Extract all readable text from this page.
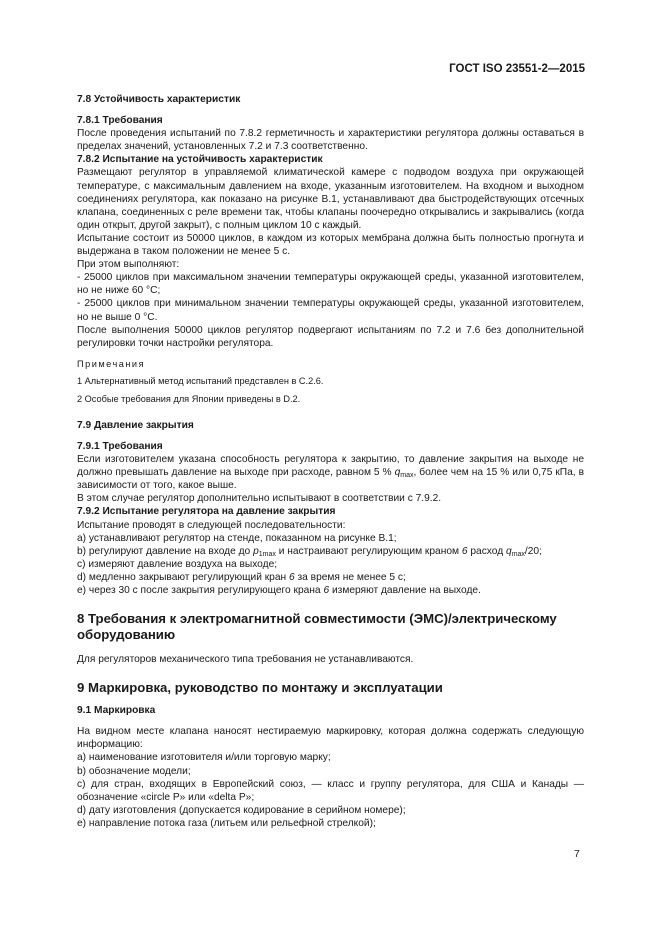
ГОСТ ISO 23551-2—2015

7.8 Устойчивость характеристик

7.8.1 Требования

После проведения испытаний по 7.8.2 герметичность и характеристики регулятора должны оставаться в пределах значений, установленных 7.2 и 7.3 соответственно.

7.8.2 Испытание на устойчивость характеристик

Размещают регулятор в управляемой климатической камере с подводом воздуха при окружающей температуре, с максимальным давлением на входе, указанным изготовителем. На входном и выходном соединениях регулятора, как показано на рисунке В.1, устанавливают два быстродействующих отсечных клапана, соединенных с реле времени так, чтобы клапаны поочередно открывались и закрывались (когда один открыт, другой закрыт), с полным циклом 10 с каждый.

Испытание состоит из 50000 циклов, в каждом из которых мембрана должна быть полностью прогнута и выдержана в таком положении не менее 5 с.

При этом выполняют:

- 25000 циклов при максимальном значении температуры окружающей среды, указанной изготовителем, но не ниже 60 °C;

- 25000 циклов при минимальном значении температуры окружающей среды, указанной изготовителем, но не выше 0 °C.

После выполнения 50000 циклов регулятор подвергают испытаниям по 7.2 и 7.6 без дополнительной регулировки точки настройки регулятора.

Примечания

1 Альтернативный метод испытаний представлен в С.2.6.

2 Особые требования для Японии приведены в D.2.

7.9 Давление закрытия

7.9.1 Требования

Если изготовителем указана способность регулятора к закрытию, то давление закрытия на выходе не должно превышать давление на выходе при расходе, равном 5 % $q_{max}$, более чем на 15 % или 0,75 кПа, в зависимости от того, какое выше.

В этом случае регулятор дополнительно испытывают в соответствии с 7.9.2.

7.9.2 Испытание регулятора на давление закрытия

Испытание проводят в следующей последовательности:

a) устанавливают регулятор на стенде, показанном на рисунке В.1;

b) регулируют давление на входе до $p_{1max}$ и настраивают регулирующим краном 6 расход $q_{max}/20$;

c) измеряют давление воздуха на выходе;

d) медленно закрывают регулирующий кран 6 за время не менее 5 с;

e) через 30 с после закрытия регулирующего крана 6 измеряют давление на выходе.

8 Требования к электромагнитной совместимости (ЭМС)/электрическому оборудованию

Для регуляторов механического типа требования не устанавливаются.

9 Маркировка, руководство по монтажу и эксплуатации

9.1 Маркировка

На видном месте клапана наносят нестираемую маркировку, которая должна содержать следующую информацию:

a) наименование изготовителя и/или торговую марку;

b) обозначение модели;

c) для стран, входящих в Европейский союз, — класс и группу регулятора, для США и Канады — обозначение «circle P» или «delta P»;

d) дату изготовления (допускается кодирование в серийном номере);

e) направление потока газа (литьем или рельефной стрелкой);

7
